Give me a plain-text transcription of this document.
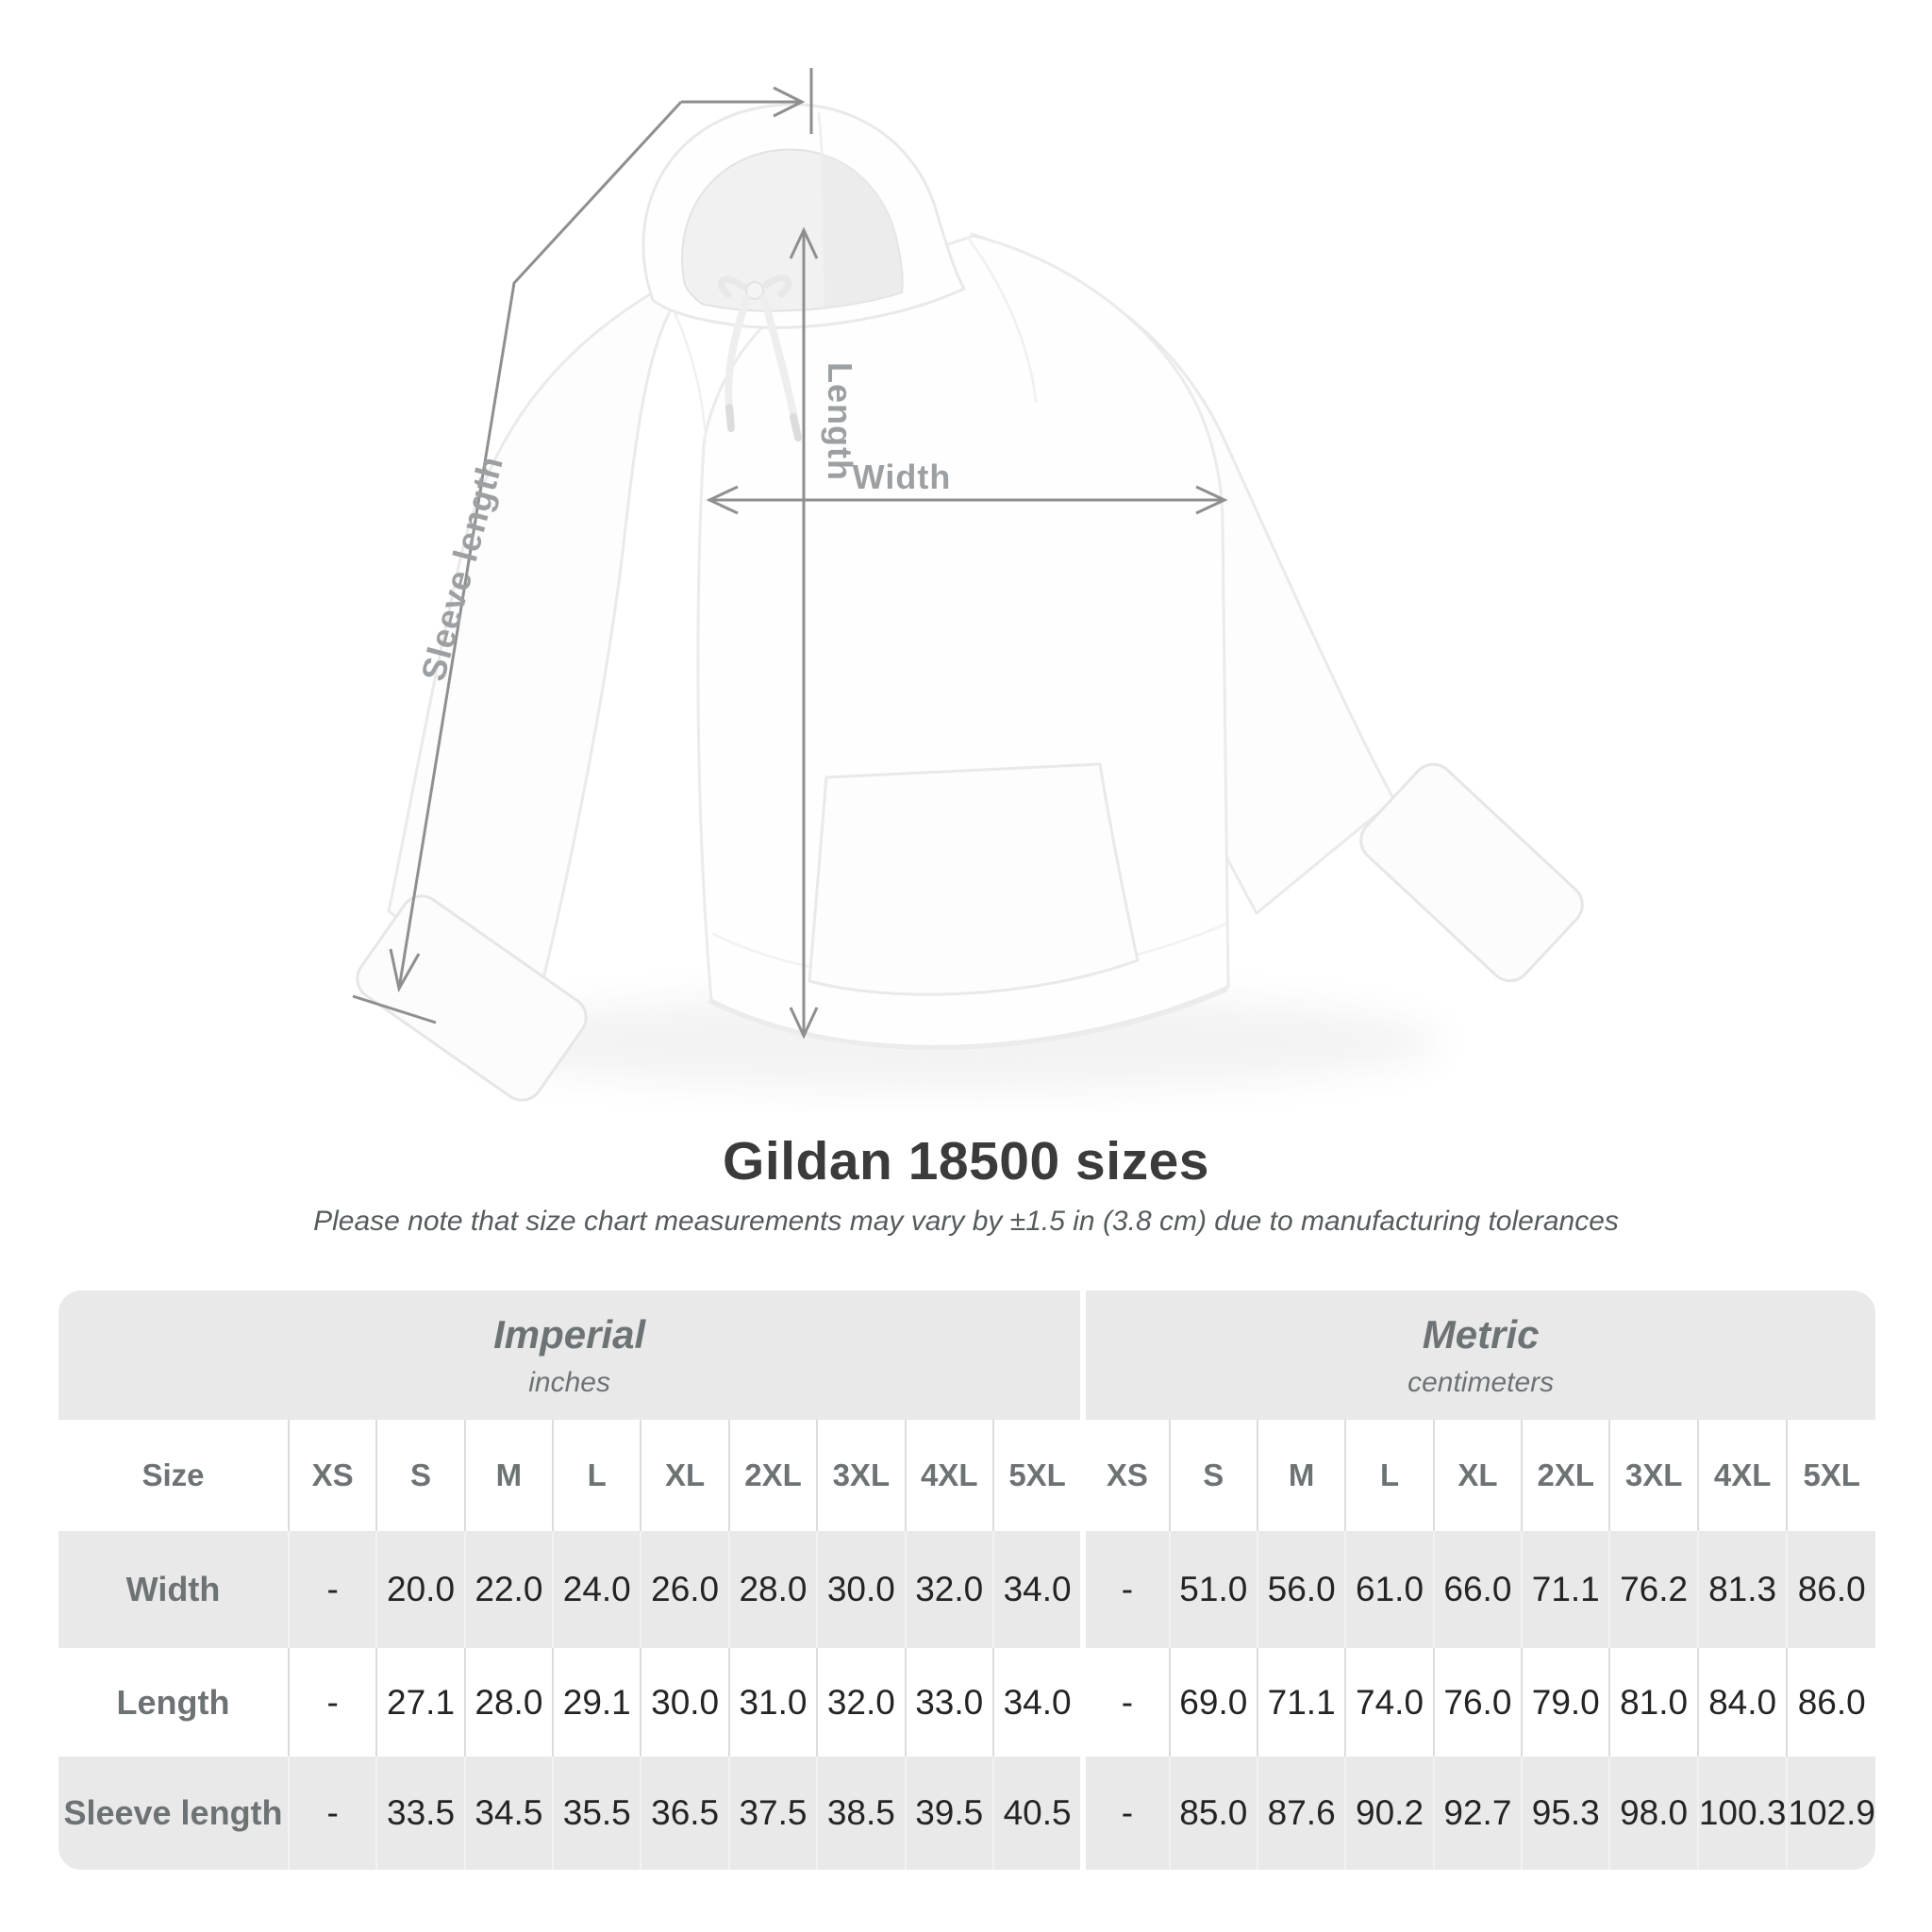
Width
Length
Sleeve length
Gildan 18500 sizes
Please note that size chart measurements may vary by ±1.5 in (3.8 cm) due to manufacturing tolerances
Imperial
inches
Metric
centimeters
Size	XS	S	M	L	XL	2XL 3XL 4XL 5XL	XS	S	M	L	XL	2XL 3XL	4XL	5XL
Width	-	20.0 22.0 24.0 26.0 28.0 30.0 32.0 34.0	-	51.0 56.0 61.0 66.0 71.1 76.2 81.3 86.0
Length	-	27.1 28.0 29.1 30.0 31.0 32.0 33.0 34.0	-	69.0 71.1 74.0 76.0 79.0 81.0 84.0 86.0
Sleeve length	-	33.5 34.5 35.5 36.5 37.5 38.5 39.5 40.5	-	85.0 87.6 90.2 92.7 95.3 98.0 100.3 102.9
